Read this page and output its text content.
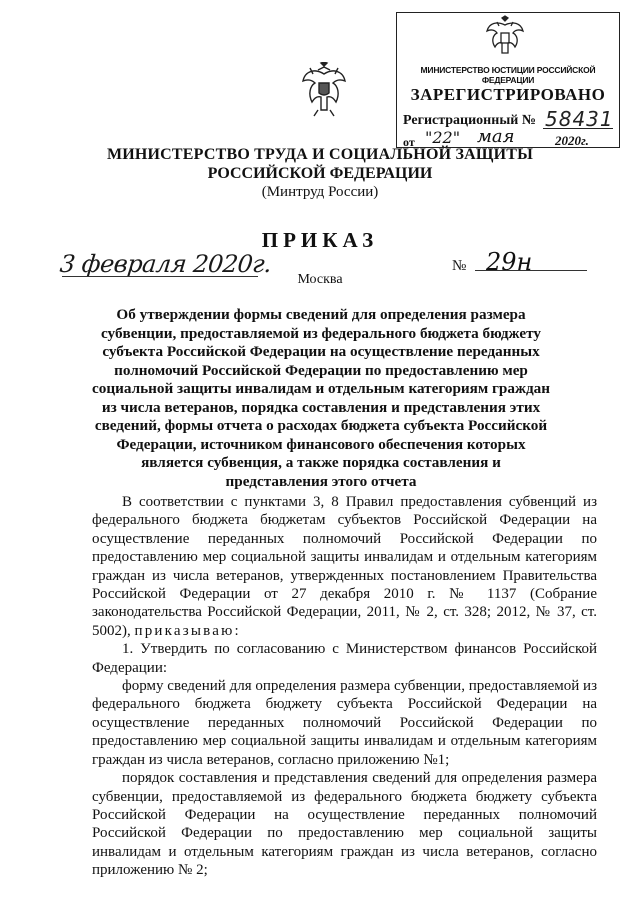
МИНИСТЕРСТВО ЮСТИЦИИ РОССИЙСКОЙ ФЕДЕРАЦИИ
ЗАРЕГИСТРИРОВАНО
Регистрационный № 58431
от "22" мая	2020г.
МИНИСТЕРСТВО ТРУДА И СОЦИАЛЬНОЙ ЗАЩИТЫ
РОССИЙСКОЙ ФЕДЕРАЦИИ
(Минтруд России)
ПРИКАЗ
3 февраля 2020г.
Москва
№ 29н
Об утверждении формы сведений для определения размера субвенции, предоставляемой из федерального бюджета бюджету субъекта Российской Федерации на осуществление переданных полномочий Российской Федерации по предоставлению мер социальной защиты инвалидам и отдельным категориям граждан из числа ветеранов, порядка составления и представления этих сведений, формы отчета о расходах бюджета субъекта Российской Федерации, источником финансового обеспечения которых является субвенция, а также порядка составления и представления этого отчета

В соответствии с пунктами 3, 8 Правил предоставления субвенций из федерального бюджета бюджетам субъектов Российской Федерации на осуществление переданных полномочий Российской Федерации по предоставлению мер социальной защиты инвалидам и отдельным категориям граждан из числа ветеранов, утвержденных постановлением Правительства Российской Федерации от 27 декабря 2010 г. № 1137 (Собрание законодательства Российской Федерации, 2011, № 2, ст. 328; 2012, № 37, ст. 5002), приказываю:

1. Утвердить по согласованию с Министерством финансов Российской Федерации:

форму сведений для определения размера субвенции, предоставляемой из федерального бюджета бюджету субъекта Российской Федерации на осуществление переданных полномочий Российской Федерации по предоставлению мер социальной защиты инвалидам и отдельным категориям граждан из числа ветеранов, согласно приложению №1;

порядок составления и представления сведений для определения размера субвенции, предоставляемой из федерального бюджета бюджету субъекта Российской Федерации на осуществление переданных полномочий Российской Федерации по предоставлению мер социальной защиты инвалидам и отдельным категориям граждан из числа ветеранов, согласно приложению № 2;
